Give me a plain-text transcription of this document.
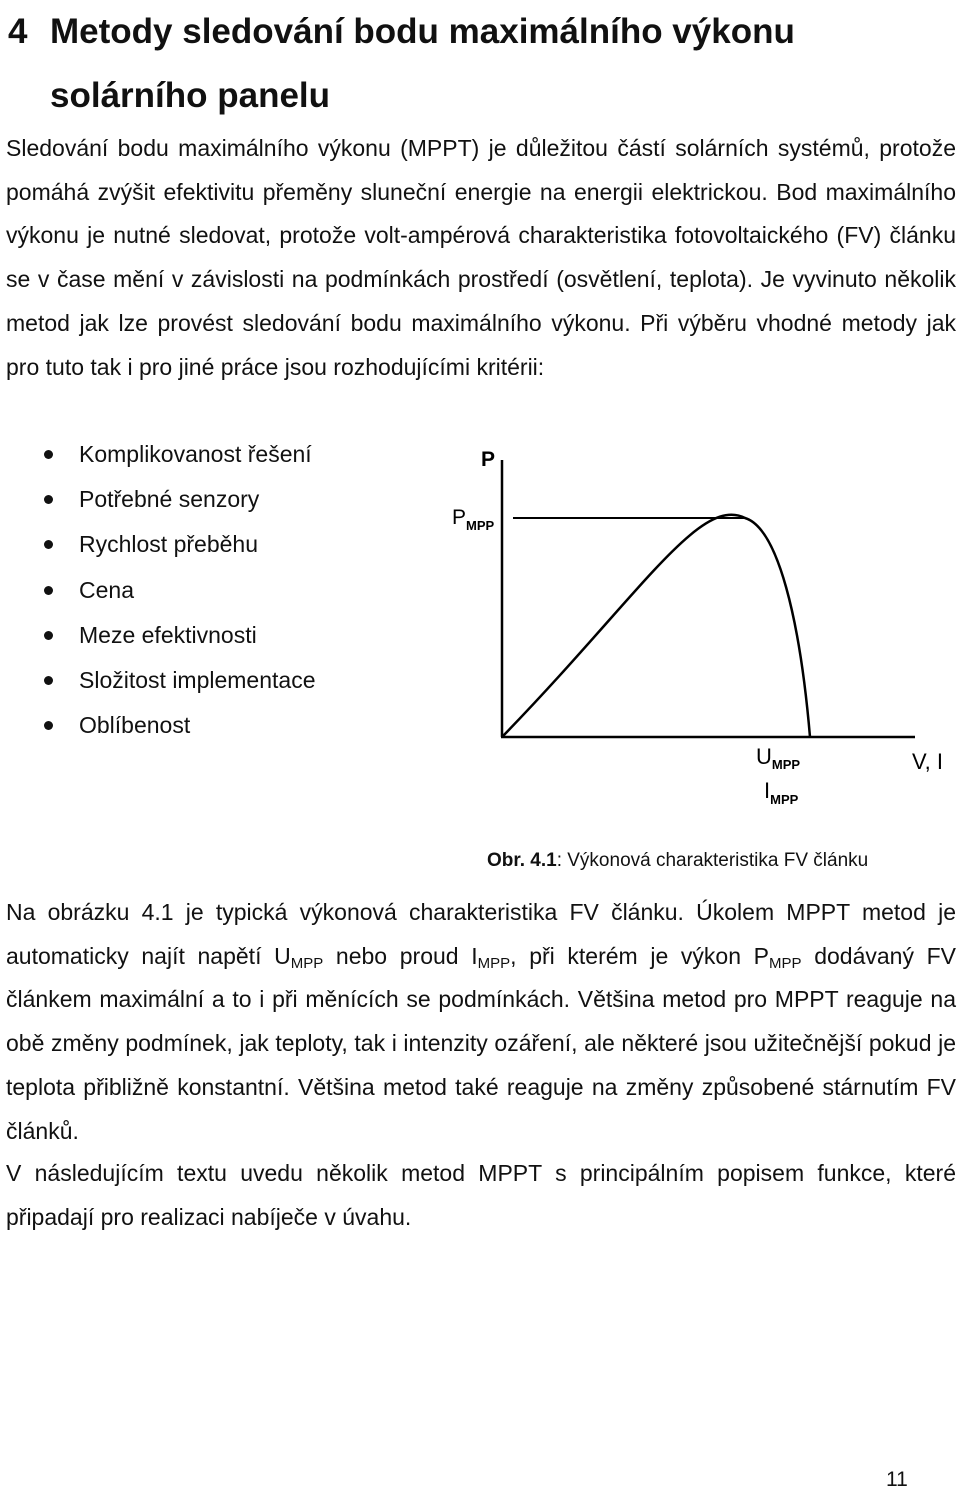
4 Metody sledování bodu maximálního výkonu
solárního panelu

Sledování bodu maximálního výkonu (MPPT) je důležitou částí solárních systémů, protože pomáhá zvýšit efektivitu přeměny sluneční energie na energii elektrickou. Bod maximálního výkonu je nutné sledovat, protože volt-ampérová charakteristika fotovoltaického (FV) článku se v čase mění v závislosti na podmínkách prostředí (osvětlení, teplota). Je vyvinuto několik metod jak lze provést sledování bodu maximálního výkonu. Při výběru vhodné metody jak pro tuto tak i pro jiné práce jsou rozhodujícími kritérii:

Komplikovanost řešení
Potřebné senzory
Rychlost přeběhu
Cena
Meze efektivnosti
Složitost implementace
Oblíbenost
P
$P_{MPP}$
$U_{MPP}$	V, I
$I_{MPP}$
Obr. 4.1: Výkonová charakteristika FV článku

Na obrázku 4.1 je typická výkonová charakteristika FV článku. Úkolem MPPT metod je automaticky najít napětí $U_{MPP}$ nebo proud $I_{MPP}$, při kterém je výkon $P_{MPP}$ dodávaný FV článkem maximální a to i při měnících se podmínkách. Většina metod pro MPPT reaguje na obě změny podmínek, jak teploty, tak i intenzity ozáření, ale některé jsou užitečnější pokud je teplota přibližně konstantní. Většina metod také reaguje na změny způsobené stárnutím FV článků.

V následujícím textu uvedu několik metod MPPT s principálním popisem funkce, které připadají pro realizaci nabíječe v úvahu.

11
